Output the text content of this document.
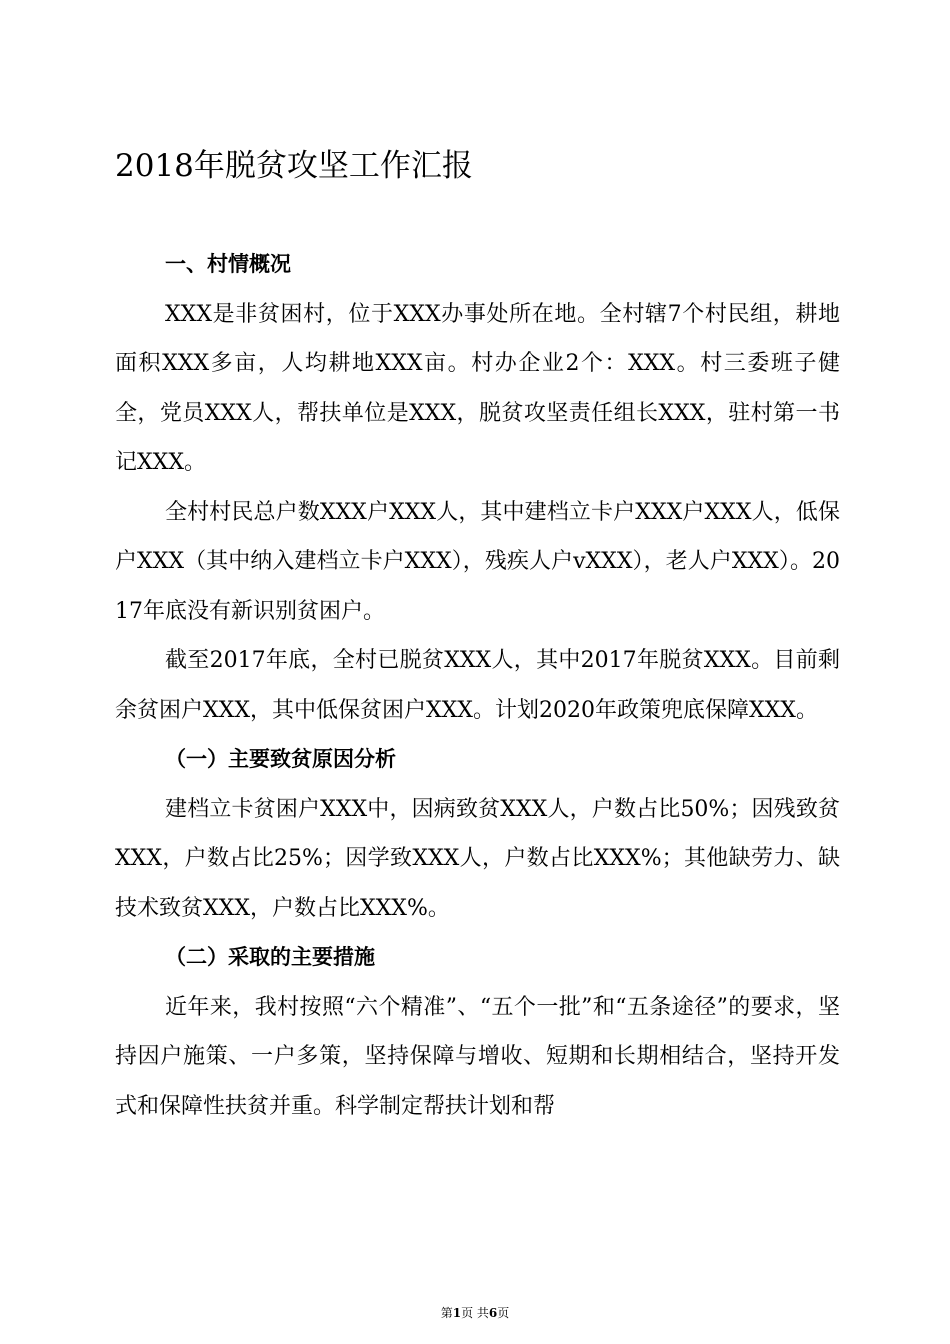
2018年脱贫攻坚工作汇报

一、村情概况

XXX是非贫困村，位于XXX办事处所在地。全村辖7个村民组，耕地面积XXX多亩，人均耕地XXX亩。村办企业2个：XXX。村三委班子健全，党员XXX人，帮扶单位是XXX，脱贫攻坚责任组长XXX，驻村第一书记XXX。

全村村民总户数XXX户XXX人，其中建档立卡户XXX户XXX人，低保户XXX（其中纳入建档立卡户XXX），残疾人户vXXX），老人户XXX）。2017年底没有新识别贫困户。

截至2017年底，全村已脱贫XXX人，其中2017年脱贫XXX。目前剩余贫困户XXX，其中低保贫困户XXX。计划2020年政策兜底保障XXX。

（一）主要致贫原因分析

建档立卡贫困户XXX中，因病致贫XXX人，户数占比50%；因残致贫XXX，户数占比25%；因学致XXX人，户数占比XXX%；其他缺劳力、缺技术致贫XXX，户数占比XXX%。

（二）采取的主要措施

近年来，我村按照“六个精准”、“五个一批”和“五条途径”的要求，坚持因户施策、一户多策，坚持保障与增收、短期和长期相结合，坚持开发式和保障性扶贫并重。科学制定帮扶计划和帮

第1页 共6页
